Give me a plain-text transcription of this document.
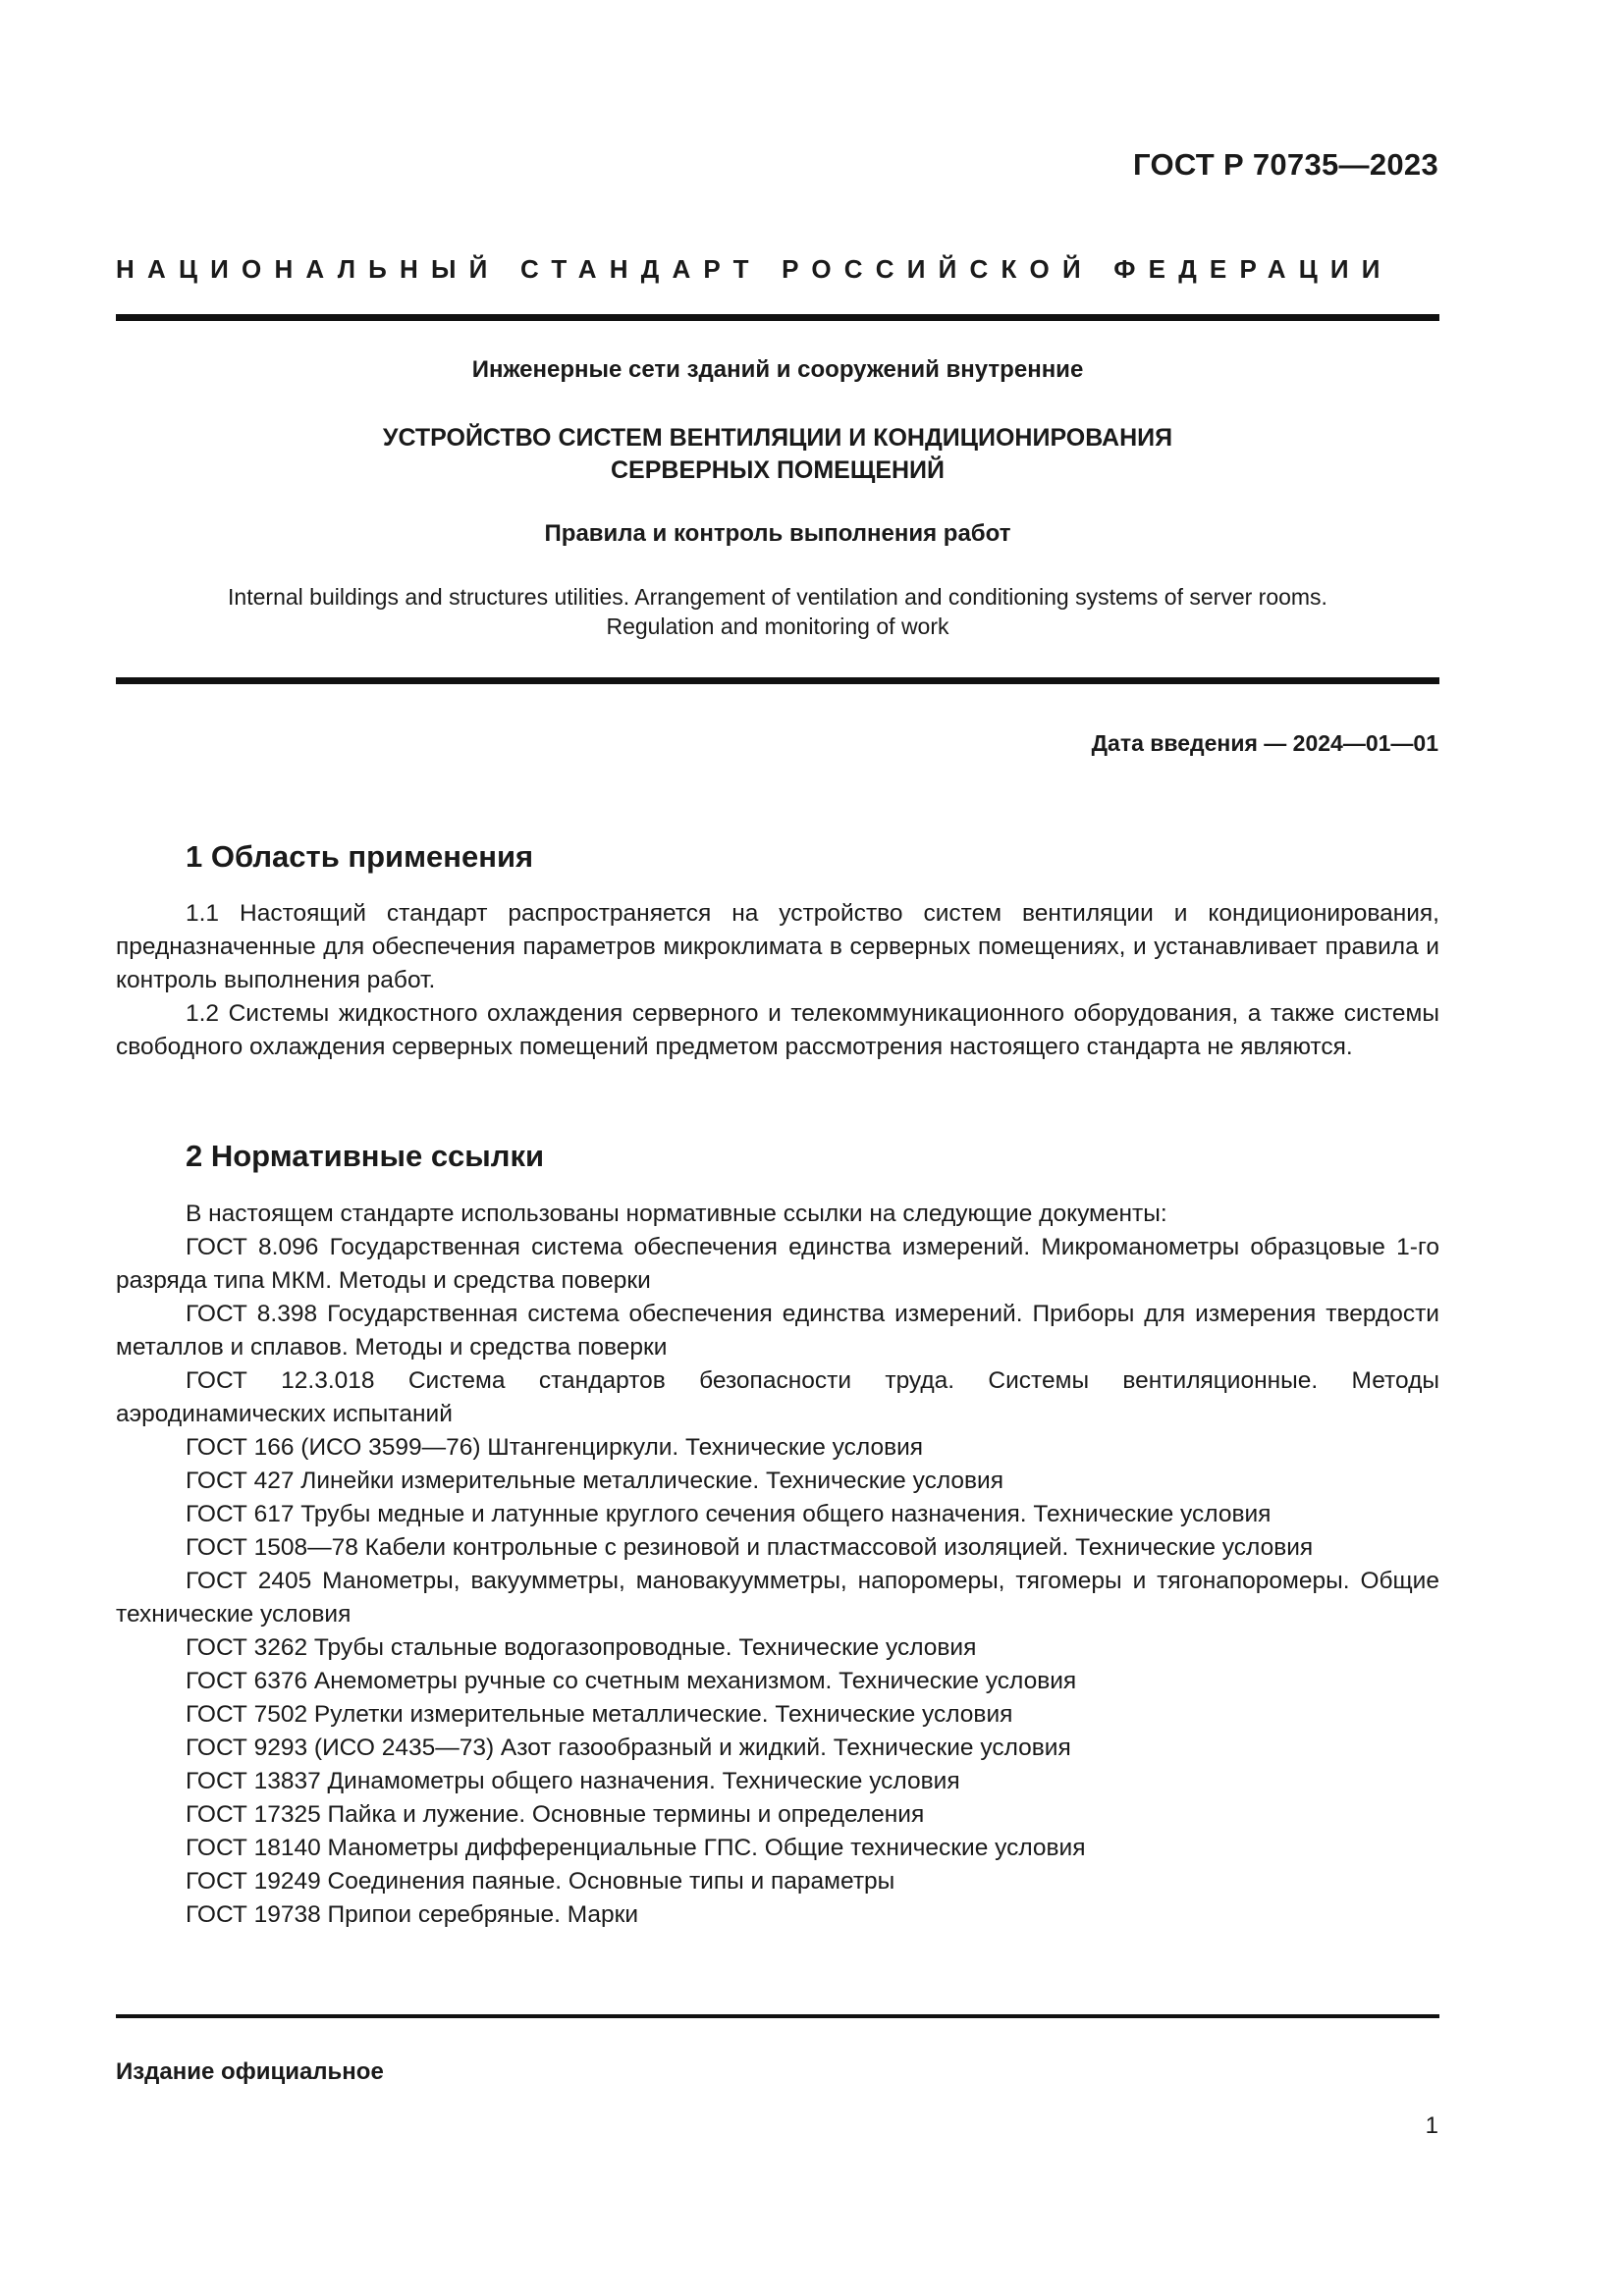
ГОСТ Р 70735—2023
НАЦИОНАЛЬНЫЙ СТАНДАРТ РОССИЙСКОЙ ФЕДЕРАЦИИ
Инженерные сети зданий и сооружений внутренние
УСТРОЙСТВО СИСТЕМ ВЕНТИЛЯЦИИ И КОНДИЦИОНИРОВАНИЯ
СЕРВЕРНЫХ ПОМЕЩЕНИЙ
Правила и контроль выполнения работ
Internal buildings and structures utilities. Arrangement of ventilation and conditioning systems of server rooms.
Regulation and monitoring of work
Дата введения — 2024—01—01
1 Область применения

1.1 Настоящий стандарт распространяется на устройство систем вентиляции и кондиционирования, предназначенные для обеспечения параметров микроклимата в серверных помещениях, и устанавливает правила и контроль выполнения работ.

1.2 Системы жидкостного охлаждения серверного и телекоммуникационного оборудования, а также системы свободного охлаждения серверных помещений предметом рассмотрения настоящего стандарта не являются.

2 Нормативные ссылки

В настоящем стандарте использованы нормативные ссылки на следующие документы:

ГОСТ 8.096 Государственная система обеспечения единства измерений. Микроманометры образцовые 1-го разряда типа МКМ. Методы и средства поверки

ГОСТ 8.398 Государственная система обеспечения единства измерений. Приборы для измерения твердости металлов и сплавов. Методы и средства поверки

ГОСТ 12.3.018 Система стандартов безопасности труда. Системы вентиляционные. Методы аэродинамических испытаний

ГОСТ 166 (ИСО 3599—76) Штангенциркули. Технические условия

ГОСТ 427 Линейки измерительные металлические. Технические условия

ГОСТ 617 Трубы медные и латунные круглого сечения общего назначения. Технические условия

ГОСТ 1508—78 Кабели контрольные с резиновой и пластмассовой изоляцией. Технические условия

ГОСТ 2405 Манометры, вакуумметры, мановакуумметры, напоромеры, тягомеры и тягонапоромеры. Общие технические условия

ГОСТ 3262 Трубы стальные водогазопроводные. Технические условия

ГОСТ 6376 Анемометры ручные со счетным механизмом. Технические условия

ГОСТ 7502 Рулетки измерительные металлические. Технические условия

ГОСТ 9293 (ИСО 2435—73) Азот газообразный и жидкий. Технические условия

ГОСТ 13837 Динамометры общего назначения. Технические условия

ГОСТ 17325 Пайка и лужение. Основные термины и определения

ГОСТ 18140 Манометры дифференциальные ГПС. Общие технические условия

ГОСТ 19249 Соединения паяные. Основные типы и параметры

ГОСТ 19738 Припои серебряные. Марки

Издание официальное
1
